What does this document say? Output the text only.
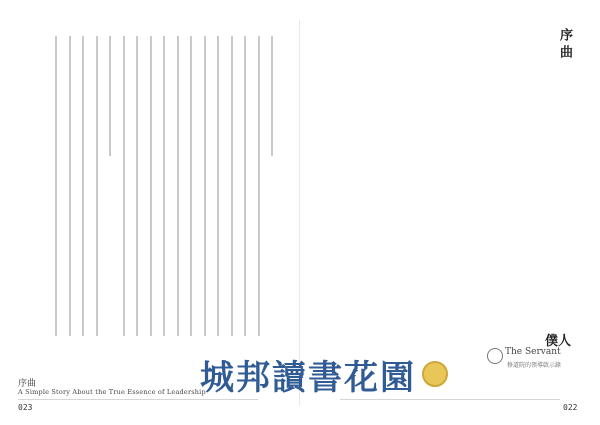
序曲
A Simple Story About the True Essence of Leadership
023
序曲
僕人
The Servant
修道院的領導啟示錄
022
城邦讀書花園
